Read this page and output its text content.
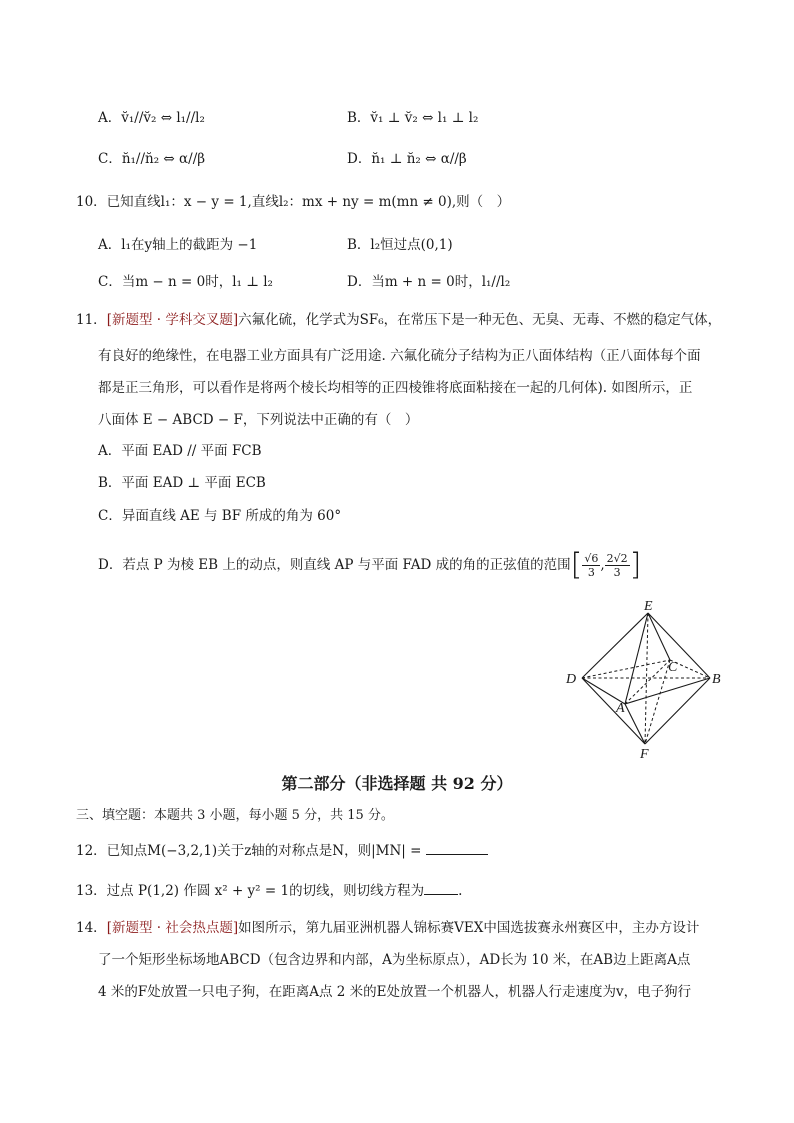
A．v̆₁//v̆₂ ⇔ l₁//l₂	B．v̆₁ ⊥ v̆₂ ⇔ l₁ ⊥ l₂
C．n̆₁//n̆₂ ⇔ α//β	D．n̆₁ ⊥ n̆₂ ⇔ α//β
10．已知直线l₁：x − y = 1,直线l₂：mx + ny = m(mn ≠ 0),则（　）
A．l₁在y轴上的截距为 −1	B．l₂恒过点(0,1)
C．当m − n = 0时，l₁ ⊥ l₂	D．当m + n = 0时，l₁//l₂
11．[新题型 · 学科交叉题]六氟化硫，化学式为SF₆，在常压下是一种无色、无臭、无毒、不燃的稳定气体，
有良好的绝缘性，在电器工业方面具有广泛用途. 六氟化硫分子结构为正八面体结构（正八面体每个面
都是正三角形，可以看作是将两个棱长均相等的正四棱锥将底面粘接在一起的几何体). 如图所示，正
八面体 E − ABCD − F，下列说法中正确的有（　）
A．平面 EAD // 平面 FCB
B．平面 EAD ⊥ 平面 ECB
C．异面直线 AE 与 BF 所成的角为 60°
D．若点 P 为棱 EB 上的动点，则直线 AP 与平面 FAD 成的角的正弦值的范围[ $\frac{√6}{3}$ , $\frac{2√2}{3}$ ]
E
C
D	B
A
F
第二部分（非选择题 共 92 分）
三、填空题：本题共 3 小题，每小题 5 分，共 15 分。
12．已知点M(−3,2,1)关于z轴的对称点是N，则|MN| =
13．过点 P(1,2) 作圆 x² + y² = 1的切线，则切线方程为	.
14．[新题型 · 社会热点题]如图所示，第九届亚洲机器人锦标赛VEX中国选拔赛永州赛区中，主办方设计
了一个矩形坐标场地ABCD（包含边界和内部，A为坐标原点），AD长为 10 米，在AB边上距离A点
4 米的F处放置一只电子狗，在距离A点 2 米的E处放置一个机器人，机器人行走速度为v，电子狗行
